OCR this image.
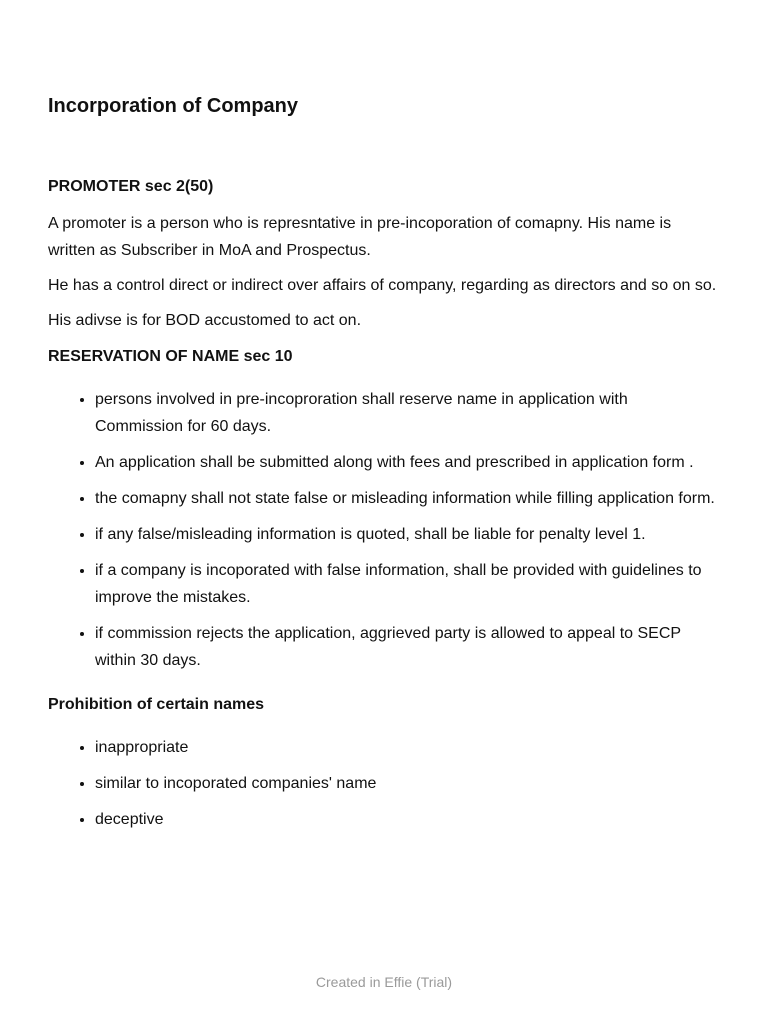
Incorporation of Company
PROMOTER sec 2(50)

A promoter is a person who is represntative in pre-incoporation of comapny. His name is written as Subscriber in MoA and Prospectus.

He has a control direct or indirect over affairs of company, regarding as directors and so on so.

His adivse is for BOD accustomed to act on.

RESERVATION OF NAME sec 10
• persons involved in pre-incoproration shall reserve name in application with Commission for 60 days.
• An application shall be submitted along with fees and prescribed in application form .
• the comapny shall not state false or misleading information while filling application form.
• if any false/misleading information is quoted, shall be liable for penalty level 1.
• if a company is incoporated with false information, shall be provided with guidelines to improve the mistakes.
• if commission rejects the application, aggrieved party is allowed to appeal to SECP within 30 days.
Prohibition of certain names
• inappropriate
• similar to incoporated companies' name
• deceptive
Created in Effie (Trial)
